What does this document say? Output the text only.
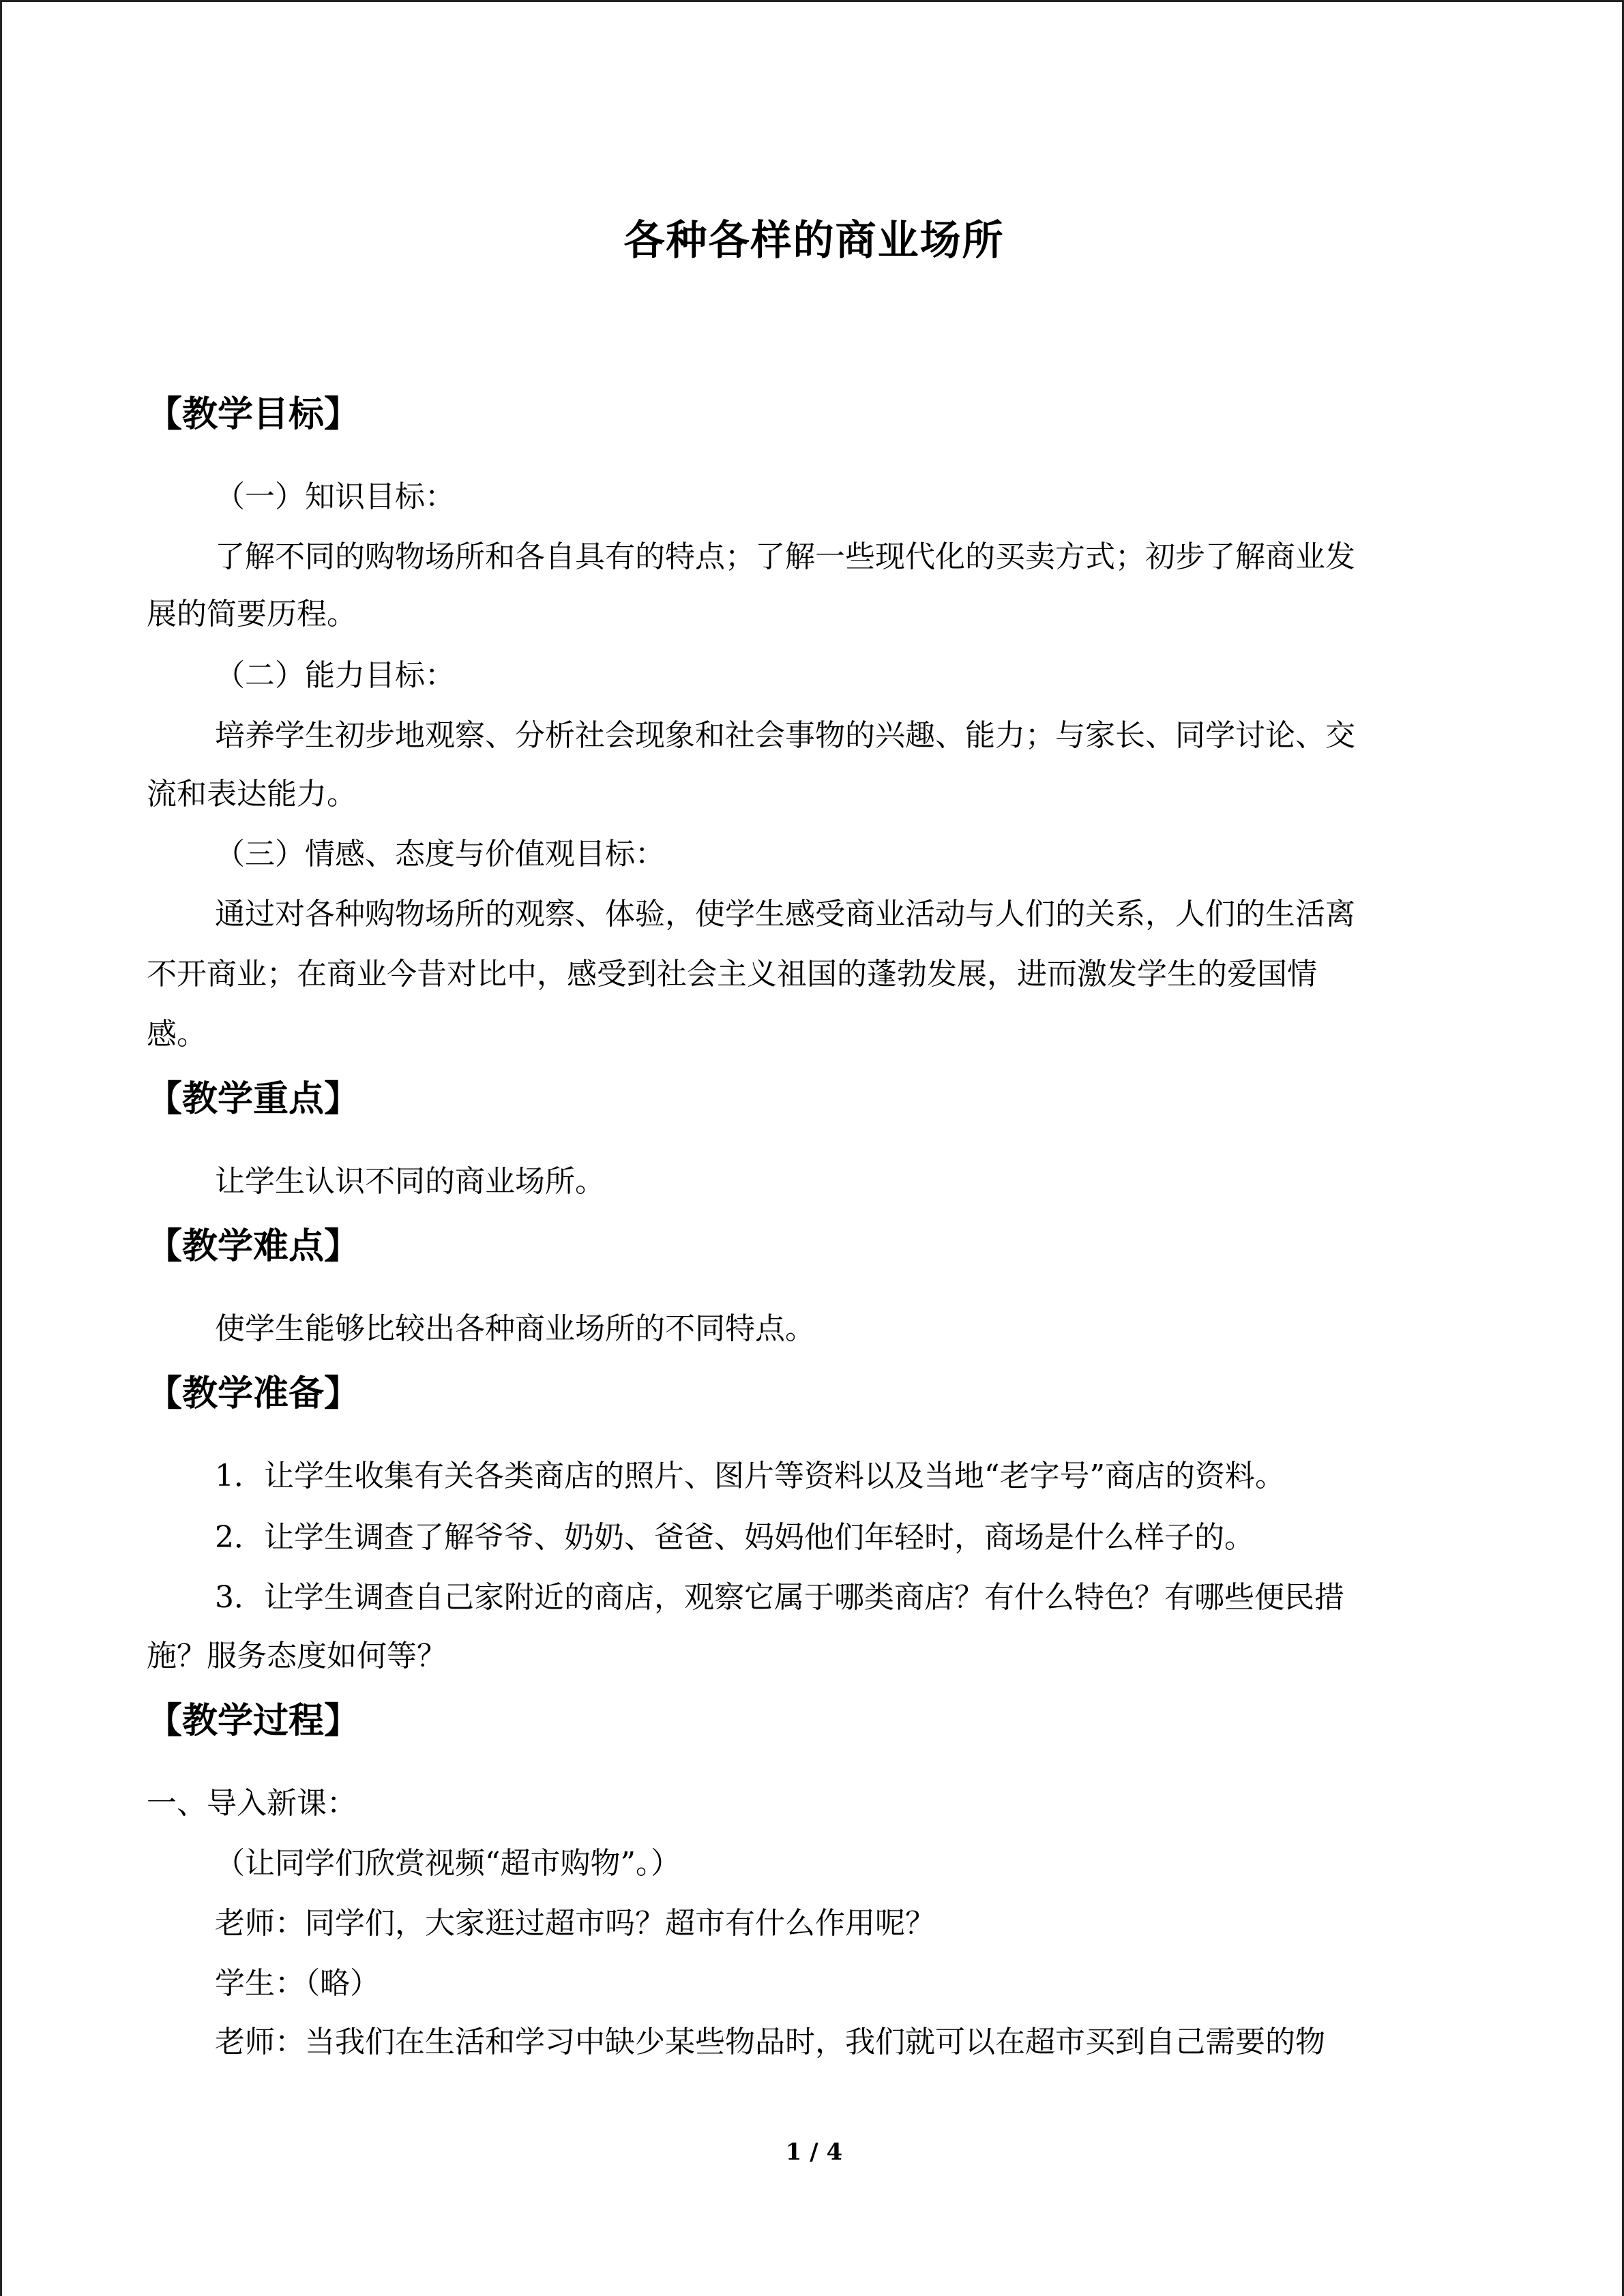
各种各样的商业场所
【教学目标】

（一）知识目标：

了解不同的购物场所和各自具有的特点；了解一些现代化的买卖方式；初步了解商业发

展的简要历程。

（二）能力目标：

培养学生初步地观察、分析社会现象和社会事物的兴趣、能力；与家长、同学讨论、交

流和表达能力。

（三）情感、态度与价值观目标：

通过对各种购物场所的观察、体验，使学生感受商业活动与人们的关系，人们的生活离

不开商业；在商业今昔对比中，感受到社会主义祖国的蓬勃发展，进而激发学生的爱国情

感。

【教学重点】

让学生认识不同的商业场所。

【教学难点】

使学生能够比较出各种商业场所的不同特点。

【教学准备】

1．让学生收集有关各类商店的照片、图片等资料以及当地“老字号”商店的资料。

2．让学生调查了解爷爷、奶奶、爸爸、妈妈他们年轻时，商场是什么样子的。

3．让学生调查自己家附近的商店，观察它属于哪类商店？有什么特色？有哪些便民措

施？服务态度如何等？

【教学过程】

一、导入新课：

（让同学们欣赏视频“超市购物”。）

老师：同学们，大家逛过超市吗？超市有什么作用呢？

学生：（略）

老师：当我们在生活和学习中缺少某些物品时，我们就可以在超市买到自己需要的物

1 / 4
